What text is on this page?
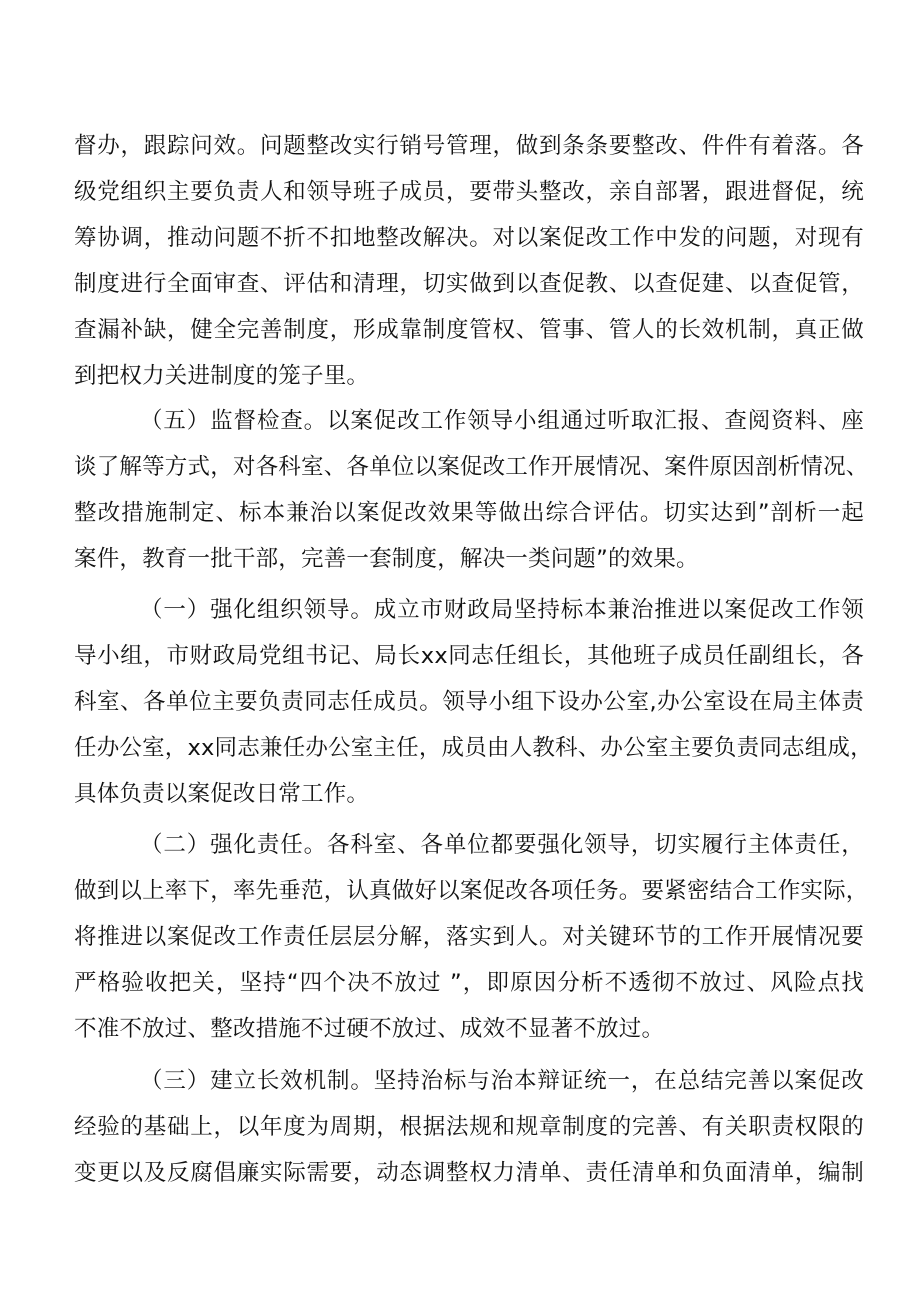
督办，跟踪问效。问题整改实行销号管理，做到条条要整改、件件有着落。各
级党组织主要负责人和领导班子成员，要带头整改，亲自部署，跟进督促，统
筹协调，推动问题不折不扣地整改解决。对以案促改工作中发的问题，对现有
制度进行全面审查、评估和清理，切实做到以查促教、以查促建、以查促管，
查漏补缺，健全完善制度，形成靠制度管权、管事、管人的长效机制，真正做
到把权力关进制度的笼子里。
（五）监督检查。以案促改工作领导小组通过听取汇报、查阅资料、座
谈了解等方式，对各科室、各单位以案促改工作开展情况、案件原因剖析情况、
整改措施制定、标本兼治以案促改效果等做出综合评估。切实达到”剖析一起
案件，教育一批干部，完善一套制度，解决一类问题”的效果。
（一）强化组织领导。成立市财政局坚持标本兼治推进以案促改工作领
导小组，市财政局党组书记、局长xx同志任组长，其他班子成员任副组长，各
科室、各单位主要负责同志任成员。领导小组下设办公室,办公室设在局主体责
任办公室，xx同志兼任办公室主任，成员由人教科、办公室主要负责同志组成，
具体负责以案促改日常工作。
（二）强化责任。各科室、各单位都要强化领导，切实履行主体责任，
做到以上率下，率先垂范，认真做好以案促改各项任务。要紧密结合工作实际，
将推进以案促改工作责任层层分解，落实到人。对关键环节的工作开展情况要
严格验收把关，坚持“四个决不放过 ”，即原因分析不透彻不放过、风险点找
不准不放过、整改措施不过硬不放过、成效不显著不放过。
（三）建立长效机制。坚持治标与治本辩证统一，在总结完善以案促改
经验的基础上，以年度为周期，根据法规和规章制度的完善、有关职责权限的
变更以及反腐倡廉实际需要，动态调整权力清单、责任清单和负面清单，编制
